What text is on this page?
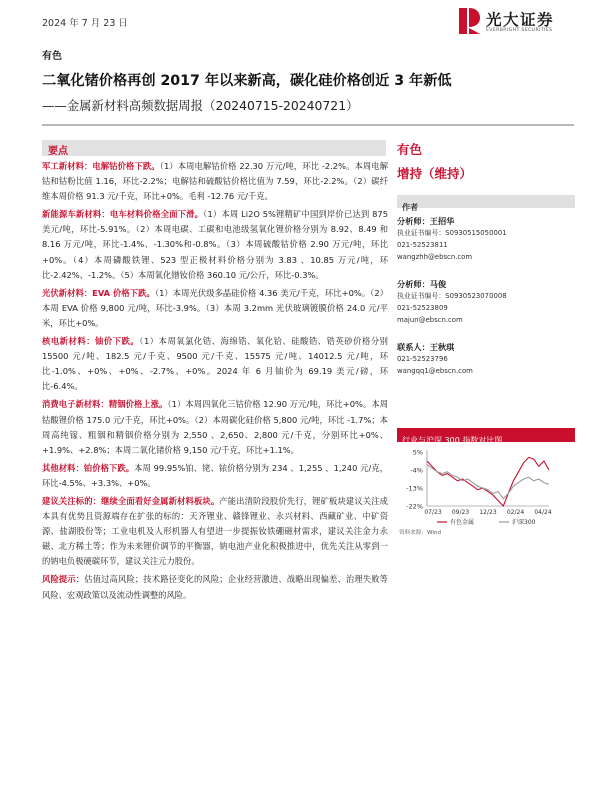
2024 年 7 月 23 日	光大证券
EVERBRIGHT SECURITIES
有色
二氧化锗价格再创 2017 年以来新高，碳化硅价格创近 3 年新低
——金属新材料高频数据周报（20240715-20240721）
要点

军工新材料：电解钴价格下跌。（1）本周电解钴价格 22.30 万元/吨，环比 -2.2%。本周电解钴和钴粉比值 1.16，环比-2.2%；电解钴和硫酸钴价格比值为 7.59，环比-2.2%。（2）碳纤维本周价格 91.3 元/千克，环比+0%。毛利 -12.76 元/千克。

新能源车新材料：电车材料价格全面下滑。（1）本周 Li2O 5%锂精矿中国到岸价已达到 875 美元/吨，环比-5.91%。（2）本周电碳、工碳和电池级氢氧化锂价格分别为 8.92、8.49 和 8.16 万元/吨，环比-1.4%、-1.30%和-0.8%。（3）本周硫酸钴价格 2.90 万元/吨，环比+0%。（4）本周磷酸铁锂、523 型正极材料价格分别为 3.83 、10.85 万元/吨，环比-2.42%、-1.2%。（5）本周氧化镨钕价格 360.10 元/公斤，环比-0.3%。

光伏新材料：EVA 价格下跌。（1）本周光伏级多晶硅价格 4.36 美元/千克，环比+0%。（2）本周 EVA 价格 9,800 元/吨，环比-3.9%。（3）本周 3.2mm 光伏玻璃镀膜价格 24.0 元/平米，环比+0%。

核电新材料：铀价下跌。（1）本周氧氯化锆、海绵锆、氧化铪、硅酸锆、锆英砂价格分别 15500 元/吨、182.5 元/千克、9500 元/千克、15575 元/吨、14012.5 元/吨，环比-1.0%、+0%、+0%、-2.7%、+0%。2024 年 6 月铀价为 69.19 美元/磅，环比-6.4%。

消费电子新材料：精铟价格上涨。（1）本周四氧化三钴价格 12.90 万元/吨，环比+0%。本周钴酸锂价格 175.0 元/千克，环比+0%。（2）本周碳化硅价格 5,800 元/吨，环比 -1.7%；本周高纯镓、粗铟和精铟价格分别为 2,550 、2,650、2,800 元/千克，分别环比+0%、+1.9%、+2.8%；本周二氧化锗价格 9,150 元/千克，环比+1.1%。

其他材料：铂价格下跌。本周 99.95%铂、铑、铱价格分别为 234 、1,255 、1,240 元/克，环比-4.5%、+3.3%、+0%。

建议关注标的：继续全面看好金属新材料板块。产能出清阶段股价先行，锂矿板块建议关注成本具有优势且资源端存在扩张的标的：天齐锂业、赣锋锂业、永兴材料、西藏矿业、中矿资源、盐湖股份等；工业电机及人形机器人有望进一步提振钕铁硼磁材需求，建议关注金力永磁、北方稀土等；作为未来锂价调节的平衡器，钠电池产业化积极推进中，优先关注从零到一的钠电负极硬碳环节，建议关注元力股份。

风险提示：估值过高风险；技术路径变化的风险；企业经营激进、战略出现偏差、治理失败等风险、宏观政策以及流动性调整的风险。

有色
增持（维持）
作者
分析师：王招华
执业证书编号：S0930515050001
021-52523811
wangzhh@ebscn.com
分析师：马俊
执业证书编号：S0930523070008
021-52523809
majun@ebscn.com
联系人：王秋琪
021-52523796
wangqq1@ebscn.com
行业与沪深 300 指数对比图
5%
-4%
-13%
-22%
07/23 09/23 12/23 02/24 04/24
有色金属	沪深300
资料来源：Wind
